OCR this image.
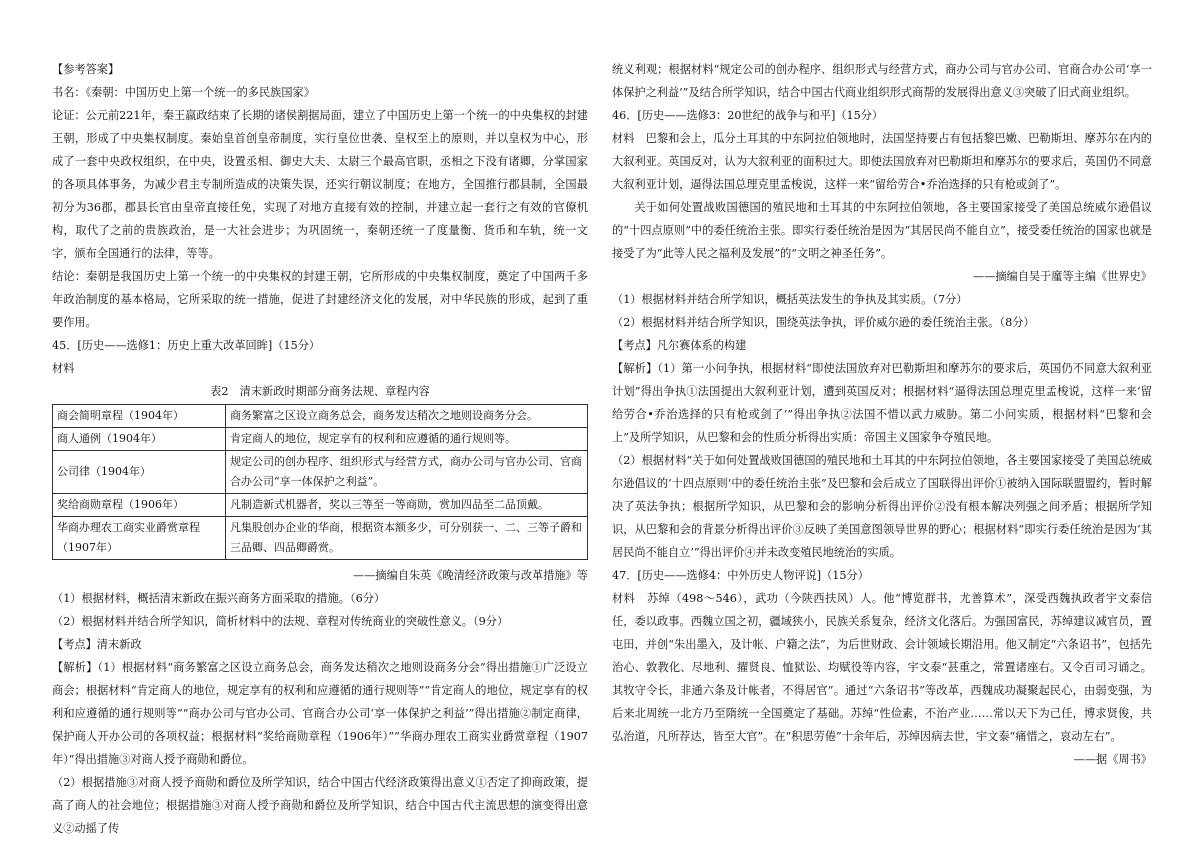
【参考答案】

书名：《秦朝：中国历史上第一个统一的多民族国家》

论证：公元前221年，秦王嬴政结束了长期的诸侯割据局面，建立了中国历史上第一个统一的中央集权的封建王朝，形成了中央集权制度。秦始皇首创皇帝制度，实行皇位世袭、皇权至上的原则，并以皇权为中心，形成了一套中央政权组织，在中央，设置丞相、御史大夫、太尉三个最高官职，丞相之下没有诸卿，分掌国家的各项具体事务，为减少君主专制所造成的决策失误，还实行朝议制度；在地方，全国推行郡县制，全国最初分为36郡，郡县长官由皇帝直接任免，实现了对地方直接有效的控制，并建立起一套行之有效的官僚机构，取代了之前的贵族政治，是一大社会进步；为巩固统一，秦朝还统一了度量衡、货币和车轨，统一文字，颁布全国通行的法律，等等。

结论：秦朝是我国历史上第一个统一的中央集权的封建王朝，它所形成的中央集权制度，奠定了中国两千多年政治制度的基本格局，它所采取的统一措施，促进了封建经济文化的发展，对中华民族的形成，起到了重要作用。

45．[历史——选修1：历史上重大改革回眸]（15分）

材料

表2　清末新政时期部分商务法规、章程内容

商会简明章程（1904年）	商务繁富之区设立商务总会，商务发达稍次之地则设商务分会。
商人通例（1904年）	肯定商人的地位，规定享有的权利和应遵循的通行规则等。
公司律（1904年）	规定公司的创办程序、组织形式与经营方式，商办公司与官办公司、官商合办公司“享一体保护之利益”。
奖给商勋章程（1906年）	凡制造新式机器者，奖以三等至一等商勋，赏加四品至二品顶戴。
华商办理农工商实业爵赏章程（1907年）	凡集股创办企业的华商，根据资本额多少，可分别获一、二、三等子爵和三品卿、四品卿爵赏。

——摘编自朱英《晚清经济政策与改革措施》等

（1）根据材料，概括清末新政在振兴商务方面采取的措施。（6分）

（2）根据材料并结合所学知识，简析材料中的法规、章程对传统商业的突破性意义。（9分）

【考点】清末新政

【解析】（1）根据材料“商务繁富之区设立商务总会，商务发达稍次之地则设商务分会”得出措施①广泛设立商会；根据材料“肯定商人的地位，规定享有的权利和应遵循的通行规则等”“肯定商人的地位，规定享有的权利和应遵循的通行规则等”“商办公司与官办公司、官商合办公司‘享一体保护之利益’”得出措施②制定商律，保护商人开办公司的各项权益；根据材料“奖给商勋章程（1906年）”“华商办理农工商实业爵赏章程（1907年）”得出措施③对商人授予商勋和爵位。

（2）根据措施③对商人授予商勋和爵位及所学知识，结合中国古代经济政策得出意义①否定了抑商政策，提高了商人的社会地位；根据措施③对商人授予商勋和爵位及所学知识，结合中国古代主流思想的演变得出意义②动摇了传

统义利观；根据材料“规定公司的创办程序、组织形式与经营方式，商办公司与官办公司、官商合办公司‘享一体保护之利益’”及结合所学知识，结合中国古代商业组织形式商帮的发展得出意义③突破了旧式商业组织。

46．[历史——选修3：20世纪的战争与和平]（15分）

材料　巴黎和会上，瓜分土耳其的中东阿拉伯领地时，法国坚持要占有包括黎巴嫩、巴勒斯坦、摩苏尔在内的大叙利亚。英国反对，认为大叙利亚的面积过大。即使法国放弃对巴勒斯坦和摩苏尔的要求后，英国仍不同意大叙利亚计划，逼得法国总理克里孟梭说，这样一来“留给劳合•乔治选择的只有枪或剑了”。

关于如何处置战败国德国的殖民地和土耳其的中东阿拉伯领地，各主要国家接受了美国总统威尔逊倡议的“十四点原则”中的委任统治主张。即实行委任统治是因为“其居民尚不能自立”，接受委任统治的国家也就是接受了为“此等人民之福利及发展”的“文明之神圣任务”。

——摘编自吴于廑等主编《世界史》

（1）根据材料并结合所学知识，概括英法发生的争执及其实质。（7分）

（2）根据材料并结合所学知识，围绕英法争执，评价威尔逊的委任统治主张。（8分）

【考点】凡尔赛体系的构建

【解析】（1）第一小问争执，根据材料“即使法国放弃对巴勒斯坦和摩苏尔的要求后，英国仍不同意大叙利亚计划”得出争执①法国提出大叙利亚计划，遭到英国反对；根据材料“逼得法国总理克里孟梭说，这样一来‘留给劳合•乔治选择的只有枪或剑了’”得出争执②法国不惜以武力威胁。第二小问实质，根据材料“巴黎和会上”及所学知识，从巴黎和会的性质分析得出实质：帝国主义国家争夺殖民地。

（2）根据材料“关于如何处置战败国德国的殖民地和土耳其的中东阿拉伯领地，各主要国家接受了美国总统威尔逊倡议的‘十四点原则’中的委任统治主张”及巴黎和会后成立了国联得出评价①被纳入国际联盟盟约，暂时解决了英法争执；根据所学知识，从巴黎和会的影响分析得出评价②没有根本解决列强之间矛盾；根据所学知识，从巴黎和会的背景分析得出评价③反映了美国意图领导世界的野心；根据材料“即实行委任统治是因为‘其居民尚不能自立’”得出评价④并未改变殖民地统治的实质。

47．[历史——选修4：中外历史人物评说]（15分）

材料　苏绰（498～546），武功（今陕西扶风）人。他“博览群书，尤善算术”，深受西魏执政者宇文泰信任，委以政事。西魏立国之初，疆域狭小，民族关系复杂，经济文化落后。为强国富民，苏绰建议减官员，置屯田，并创“朱出墨入，及计帐、户籍之法”，为后世财政、会计领域长期沿用。他又制定“六条诏书”，包括先治心、敦教化、尽地利、擢贤良、恤狱讼、均赋役等内容，宇文泰“甚重之，常置诸座右。又令百司习诵之。其牧守令长，非通六条及计帐者，不得居官”。通过“六条诏书”等改革，西魏成功凝聚起民心，由弱变强，为后来北周统一北方乃至隋统一全国奠定了基础。苏绰“性俭素，不治产业……常以天下为己任，博求贤俊，共弘治道，凡所荐达，皆至大官”。在“积思劳倦”十余年后，苏绰因病去世，宇文泰“痛惜之，哀动左右”。

——据《周书》
